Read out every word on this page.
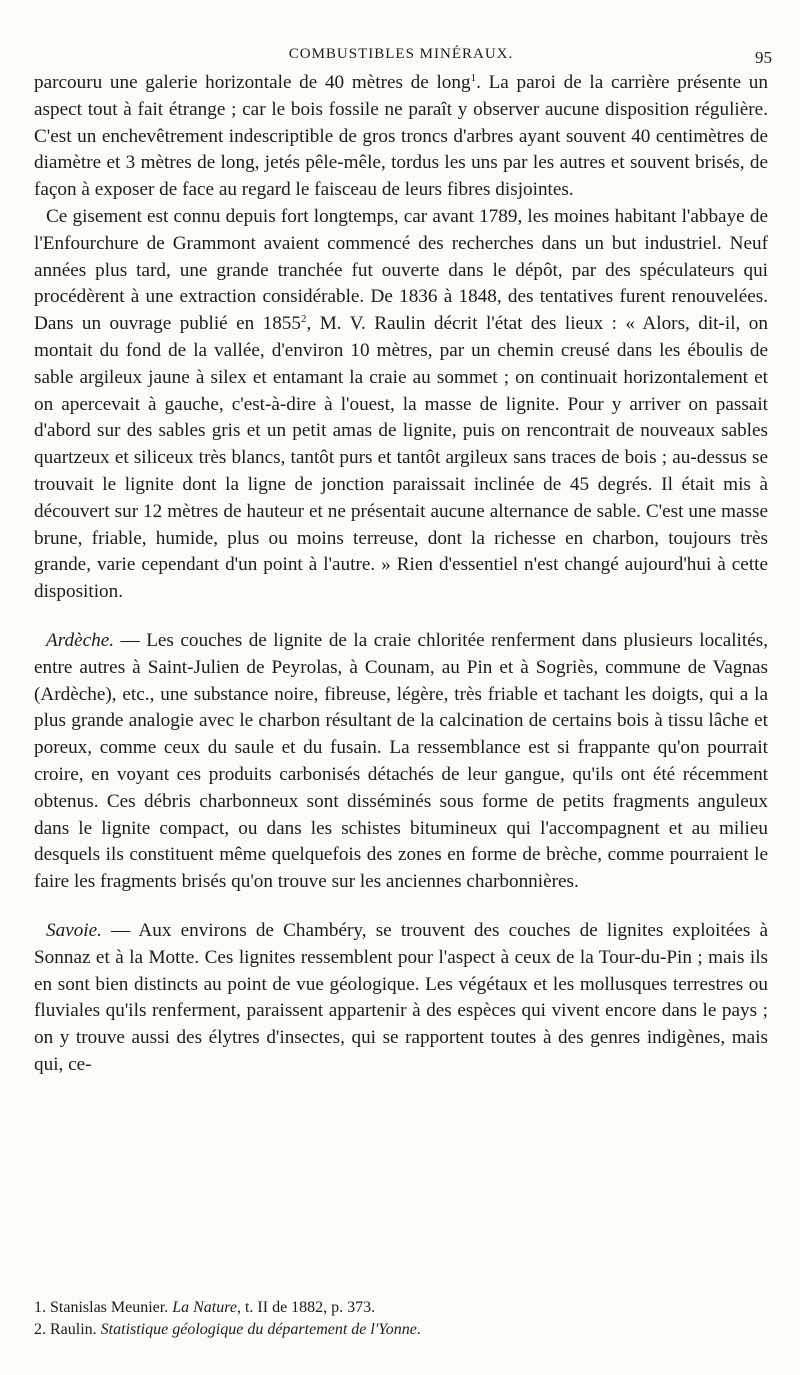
COMBUSTIBLES MINÉRAUX.	95

parcouru une galerie horizontale de 40 mètres de long$^1$. La paroi de la carrière présente un aspect tout à fait étrange ; car le bois fossile ne paraît y observer aucune disposition régulière. C'est un enchevêtrement indescriptible de gros troncs d'arbres ayant souvent 40 centimètres de diamètre et 3 mètres de long, jetés pêle-mêle, tordus les uns par les autres et souvent brisés, de façon à exposer de face au regard le faisceau de leurs fibres disjointes.

Ce gisement est connu depuis fort longtemps, car avant 1789, les moines habitant l'abbaye de l'Enfourchure de Grammont avaient commencé des recherches dans un but industriel. Neuf années plus tard, une grande tranchée fut ouverte dans le dépôt, par des spéculateurs qui procédèrent à une extraction considérable. De 1836 à 1848, des tentatives furent renouvelées. Dans un ouvrage publié en 1855$^2$, M. V. Raulin décrit l'état des lieux : « Alors, dit-il, on montait du fond de la vallée, d'environ 10 mètres, par un chemin creusé dans les éboulis de sable argileux jaune à silex et entamant la craie au sommet ; on continuait horizontalement et on apercevait à gauche, c'est-à-dire à l'ouest, la masse de lignite. Pour y arriver on passait d'abord sur des sables gris et un petit amas de lignite, puis on rencontrait de nouveaux sables quartzeux et siliceux très blancs, tantôt purs et tantôt argileux sans traces de bois ; au-dessus se trouvait le lignite dont la ligne de jonction paraissait inclinée de 45 degrés. Il était mis à découvert sur 12 mètres de hauteur et ne présentait aucune alternance de sable. C'est une masse brune, friable, humide, plus ou moins terreuse, dont la richesse en charbon, toujours très grande, varie cependant d'un point à l'autre. » Rien d'essentiel n'est changé aujourd'hui à cette disposition.

Ardèche. — Les couches de lignite de la craie chloritée renferment dans plusieurs localités, entre autres à Saint-Julien de Peyrolas, à Counam, au Pin et à Sogriès, commune de Vagnas (Ardèche), etc., une substance noire, fibreuse, légère, très friable et tachant les doigts, qui a la plus grande analogie avec le charbon résultant de la calcination de certains bois à tissu lâche et poreux, comme ceux du saule et du fusain. La ressemblance est si frappante qu'on pourrait croire, en voyant ces produits carbonisés détachés de leur gangue, qu'ils ont été récemment obtenus. Ces débris charbonneux sont disséminés sous forme de petits fragments anguleux dans le lignite compact, ou dans les schistes bitumineux qui l'accompagnent et au milieu desquels ils constituent même quelquefois des zones en forme de brèche, comme pourraient le faire les fragments brisés qu'on trouve sur les anciennes charbonnières.

Savoie. — Aux environs de Chambéry, se trouvent des couches de lignites exploitées à Sonnaz et à la Motte. Ces lignites ressemblent pour l'aspect à ceux de la Tour-du-Pin ; mais ils en sont bien distincts au point de vue géologique. Les végétaux et les mollusques terrestres ou fluviales qu'ils renferment, paraissent appartenir à des espèces qui vivent encore dans le pays ; on y trouve aussi des élytres d'insectes, qui se rapportent toutes à des genres indigènes, mais qui, ce-

1. Stanislas Meunier. La Nature, t. II de 1882, p. 373.
2. Raulin. Statistique géologique du département de l'Yonne.
